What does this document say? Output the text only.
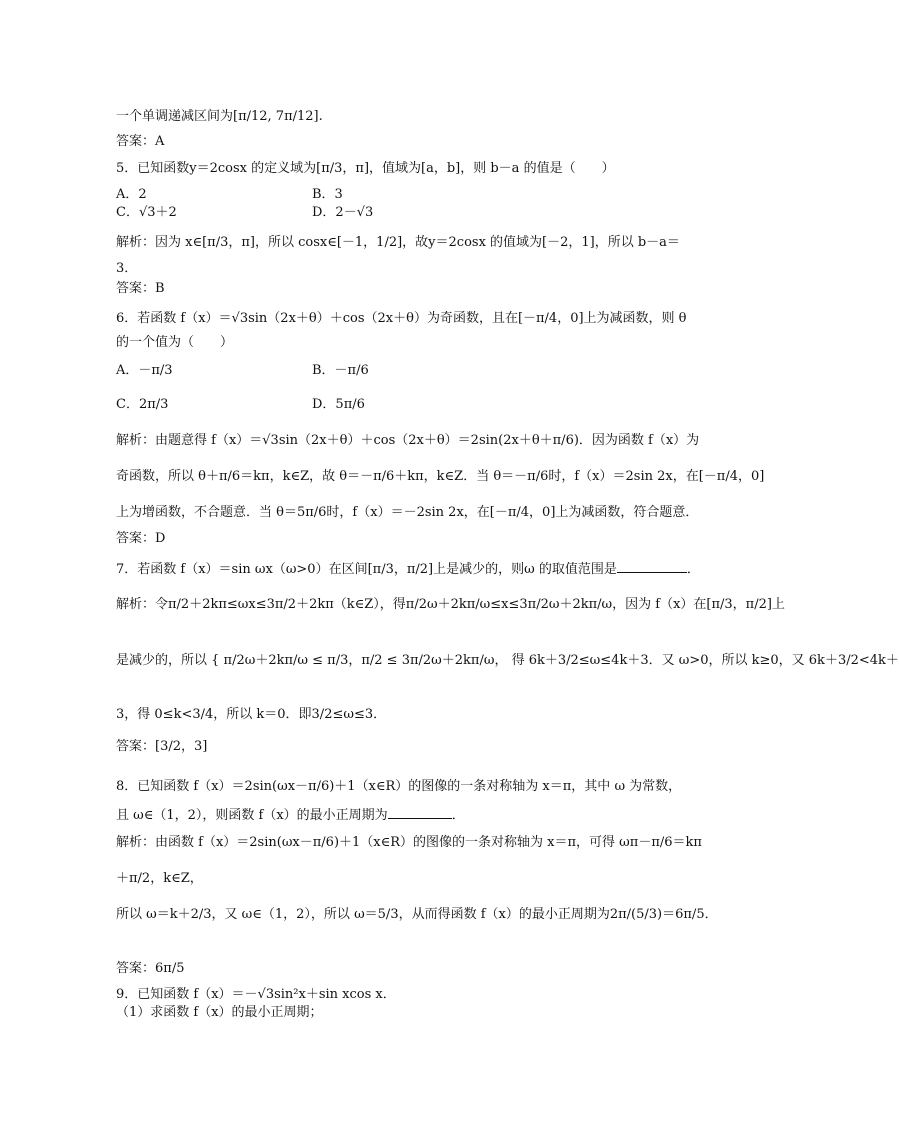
一个单调递减区间为[π/12, 7π/12].
答案：A
5．已知函数y＝2cosx 的定义域为[π/3，π]，值域为[a，b]，则 b－a 的值是（　　）
A．2	B．3
C．√3＋2	D．2－√3
解析：因为 x∈[π/3，π]，所以 cosx∈[－1，1/2]，故y＝2cosx 的值域为[－2，1]，所以 b－a＝
3．
答案：B
6．若函数 f（x）＝√3sin（2x＋θ）＋cos（2x＋θ）为奇函数，且在[－π/4，0]上为减函数，则 θ
的一个值为（　　）
A．－π/3	B．－π/6
C．2π/3	D．5π/6
解析：由题意得 f（x）＝√3sin（2x＋θ）＋cos（2x＋θ）＝2sin(2x＋θ＋π/6)．因为函数 f（x）为
奇函数，所以 θ＋π/6＝kπ，k∈Z，故 θ＝－π/6＋kπ，k∈Z．当 θ＝－π/6时，f（x）＝2sin 2x，在[－π/4，0]
上为增函数，不合题意．当 θ＝5π/6时，f（x）＝－2sin 2x，在[－π/4，0]上为减函数，符合题意．
答案：D
7．若函数 f（x）＝sin ωx（ω>0）在区间[π/3，π/2]上是减少的，则ω 的取值范围是	．
解析：令π/2＋2kπ≤ωx≤3π/2＋2kπ（k∈Z），得π/2ω＋2kπ/ω≤x≤3π/2ω＋2kπ/ω，因为 f（x）在[π/3，π/2]上
是减少的，所以 { π/2ω＋2kπ/ω ≤ π/3，π/2 ≤ 3π/2ω＋2kπ/ω， 得 6k＋3/2≤ω≤4k＋3．又 ω>0，所以 k≥0，又 6k＋3/2<4k＋
3，得 0≤k<3/4，所以 k＝0．即3/2≤ω≤3．
答案：[3/2，3]
8．已知函数 f（x）＝2sin(ωx－π/6)＋1（x∈R）的图像的一条对称轴为 x＝π，其中 ω 为常数，
且 ω∈（1，2），则函数 f（x）的最小正周期为	．
解析：由函数 f（x）＝2sin(ωx－π/6)＋1（x∈R）的图像的一条对称轴为 x＝π，可得 ωπ－π/6＝kπ
＋π/2，k∈Z，
所以 ω＝k＋2/3，又 ω∈（1，2），所以 ω＝5/3，从而得函数 f（x）的最小正周期为2π/(5/3)＝6π/5．
答案：6π/5
9．已知函数 f（x）＝－√3sin²x＋sin xcos x．
（1）求函数 f（x）的最小正周期；
